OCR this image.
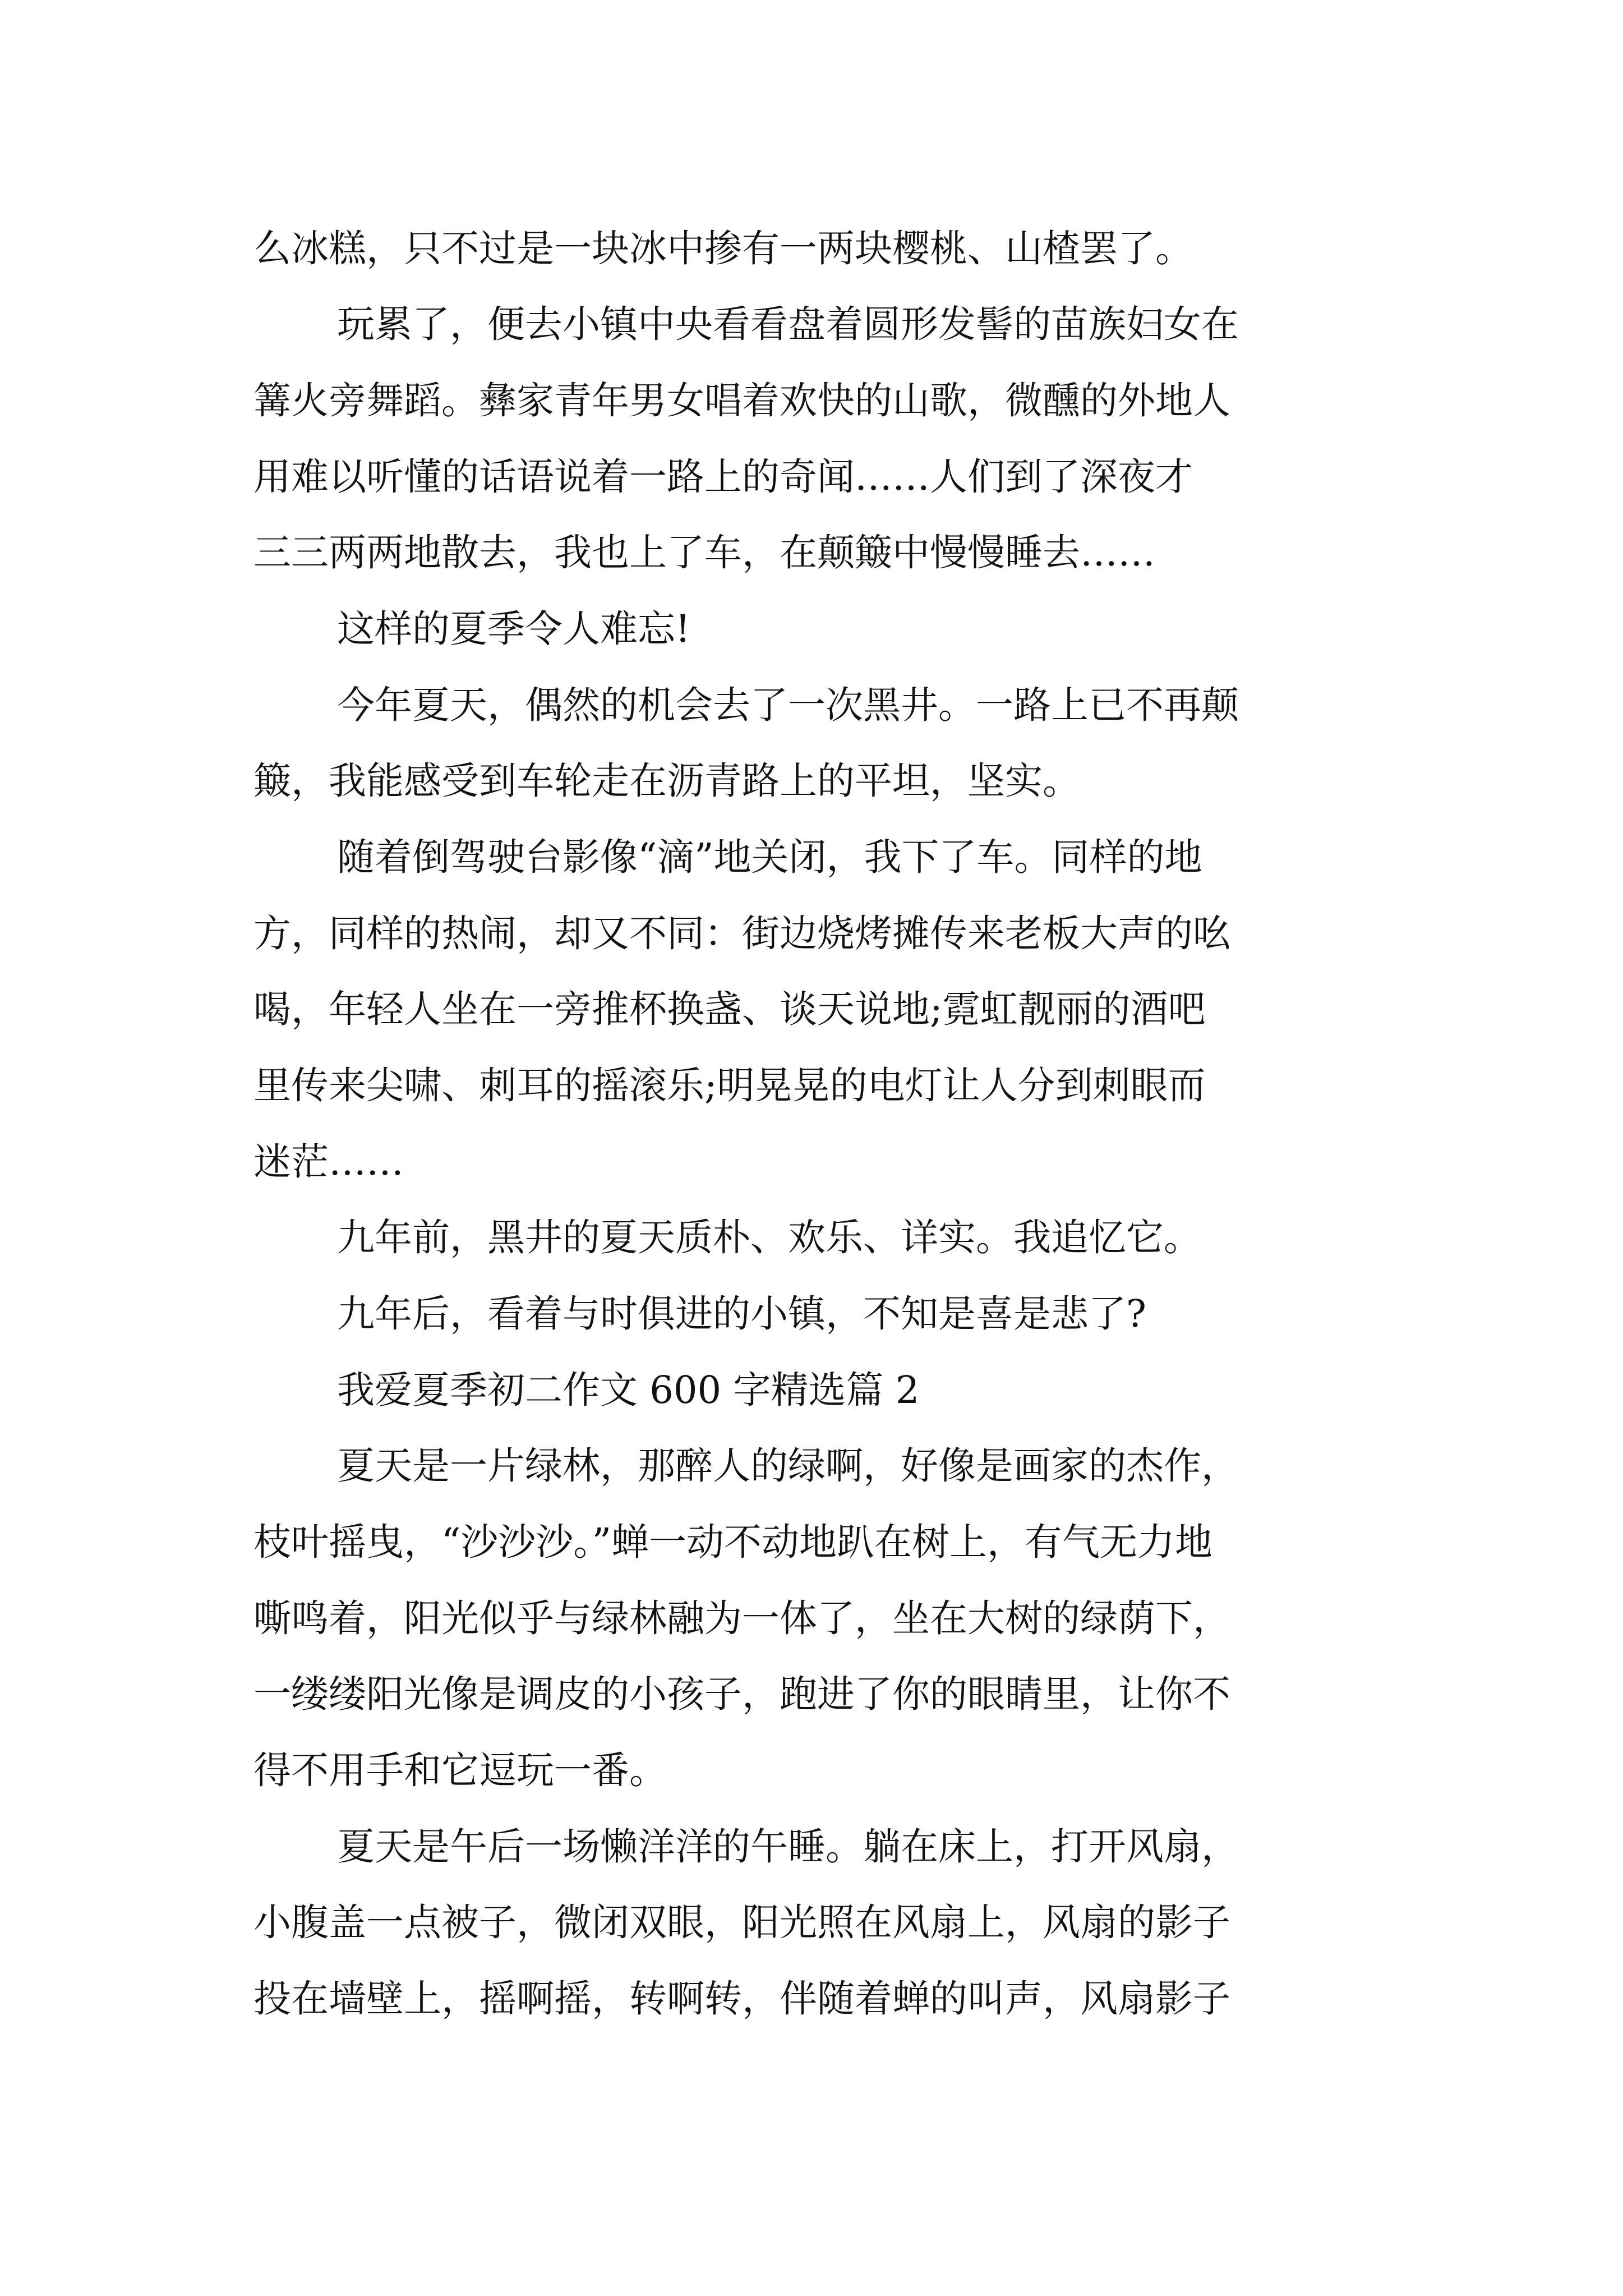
么冰糕，只不过是一块冰中掺有一两块樱桃、山楂罢了。
玩累了，便去小镇中央看看盘着圆形发髻的苗族妇女在
篝火旁舞蹈。彝家青年男女唱着欢快的山歌，微醺的外地人
用难以听懂的话语说着一路上的奇闻……人们到了深夜才
三三两两地散去，我也上了车，在颠簸中慢慢睡去……
这样的夏季令人难忘!
今年夏天，偶然的机会去了一次黑井。一路上已不再颠
簸，我能感受到车轮走在沥青路上的平坦，坚实。
随着倒驾驶台影像“滴”地关闭，我下了车。同样的地
方，同样的热闹，却又不同：街边烧烤摊传来老板大声的吆
喝，年轻人坐在一旁推杯换盏、谈天说地;霓虹靓丽的酒吧
里传来尖啸、刺耳的摇滚乐;明晃晃的电灯让人分到刺眼而
迷茫……
九年前，黑井的夏天质朴、欢乐、详实。我追忆它。
九年后，看着与时俱进的小镇，不知是喜是悲了?
我爱夏季初二作文 600 字精选篇 2
夏天是一片绿林，那醉人的绿啊，好像是画家的杰作，
枝叶摇曳，“沙沙沙。”蝉一动不动地趴在树上，有气无力地
嘶鸣着，阳光似乎与绿林融为一体了，坐在大树的绿荫下，
一缕缕阳光像是调皮的小孩子，跑进了你的眼睛里，让你不
得不用手和它逗玩一番。
夏天是午后一场懒洋洋的午睡。躺在床上，打开风扇，
小腹盖一点被子，微闭双眼，阳光照在风扇上，风扇的影子
投在墙壁上，摇啊摇，转啊转，伴随着蝉的叫声，风扇影子
